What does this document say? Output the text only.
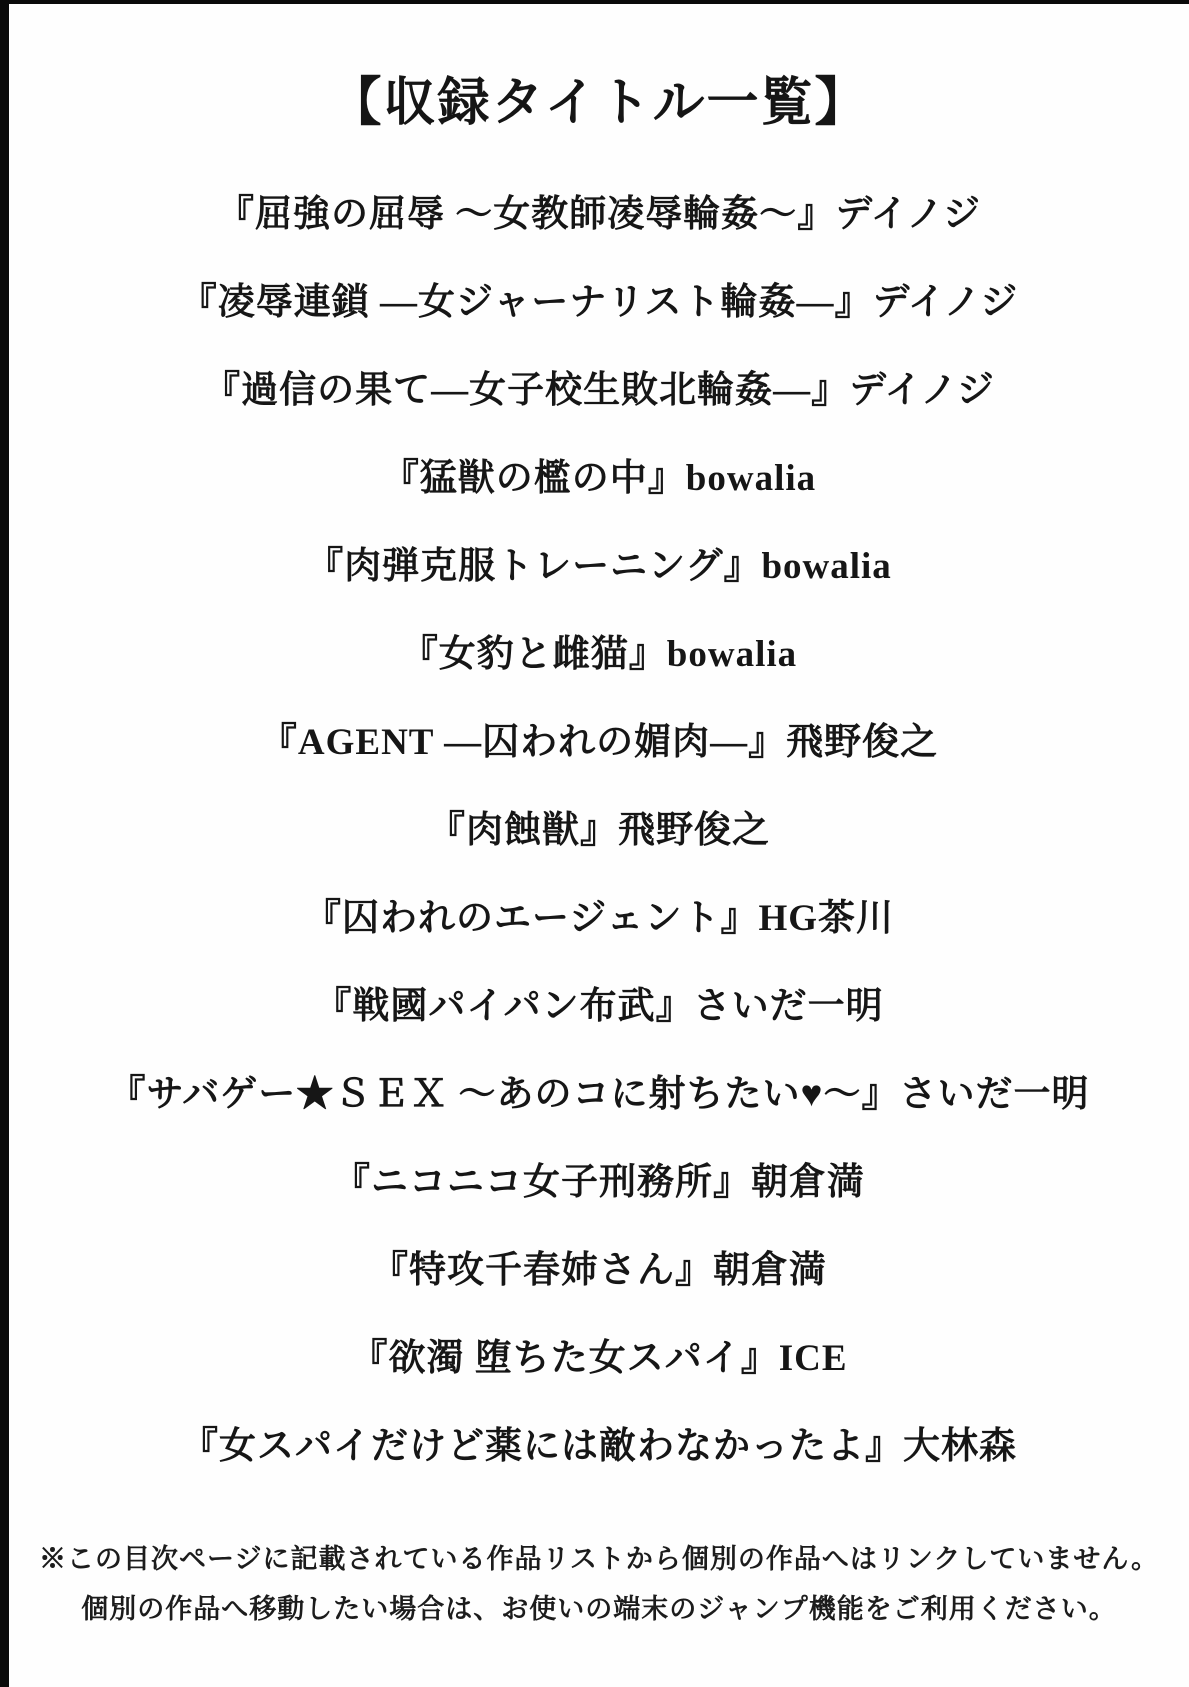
【収録タイトル一覧】
『屈強の屈辱 ～女教師凌辱輪姦～』デイノジ
『凌辱連鎖 ―女ジャーナリスト輪姦―』デイノジ
『過信の果て―女子校生敗北輪姦―』デイノジ
『猛獣の檻の中』bowalia
『肉弾克服トレーニング』bowalia
『女豹と雌猫』bowalia
『AGENT ―囚われの媚肉―』飛野俊之
『肉蝕獣』飛野俊之
『囚われのエージェント』HG茶川
『戦國パイパン布武』さいだ一明
『サバゲー★ＳＥＸ ～あのコに射ちたい♥～』さいだ一明
『ニコニコ女子刑務所』朝倉満
『特攻千春姉さん』朝倉満
『欲濁 堕ちた女スパイ』ICE
『女スパイだけど薬には敵わなかったよ』大林森
※この目次ページに記載されている作品リストから個別の作品へはリンクしていません。
個別の作品へ移動したい場合は、お使いの端末のジャンプ機能をご利用ください。
